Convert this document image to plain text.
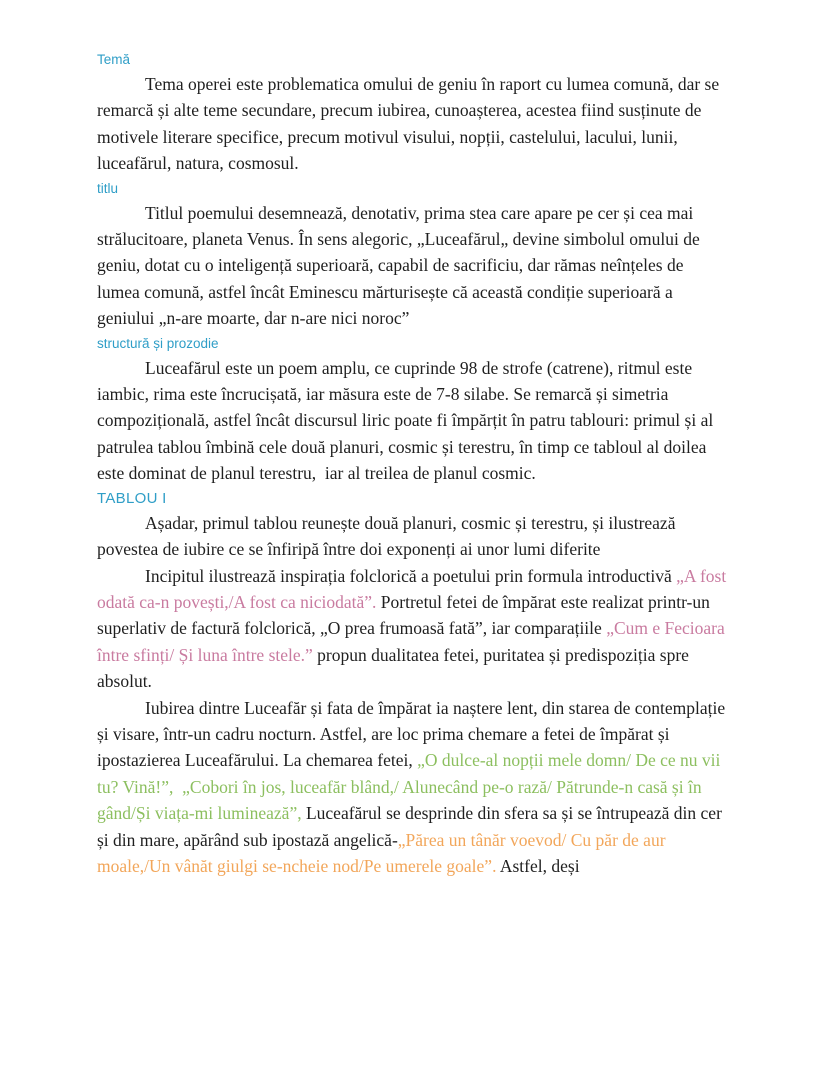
Temă

Tema operei este problematica omului de geniu în raport cu lumea comună, dar se remarcă și alte teme secundare, precum iubirea, cunoașterea, acestea fiind susținute de motivele literare specifice, precum motivul visului, nopții, castelului, lacului, lunii, luceafărul, natura, cosmosul.

titlu

Titlul poemului desemnează, denotativ, prima stea care apare pe cer și cea mai strălucitoare, planeta Venus. În sens alegoric, „Luceafărul„ devine simbolul omului de geniu, dotat cu o inteligență superioară, capabil de sacrificiu, dar rămas neînțeles de lumea comună, astfel încât Eminescu mărturisește că această condiție superioară a geniului „n-are moarte, dar n-are nici noroc”

structură și prozodie

Luceafărul este un poem amplu, ce cuprinde 98 de strofe (catrene), ritmul este iambic, rima este încrucișată, iar măsura este de 7-8 silabe. Se remarcă și simetria compozițională, astfel încât discursul liric poate fi împărțit în patru tablouri: primul și al patrulea tablou îmbină cele două planuri, cosmic și terestru, în timp ce tabloul al doilea este dominat de planul terestru,  iar al treilea de planul cosmic.

TABLOU I

Așadar, primul tablou reunește două planuri, cosmic și terestru, și ilustrează povestea de iubire ce se înfiripă între doi exponenți ai unor lumi diferite

Incipitul ilustrează inspirația folclorică a poetului prin formula introductivă „A fost odată ca-n povești,/A fost ca niciodată”. Portretul fetei de împărat este realizat printr-un superlativ de factură folclorică, „O prea frumoasă fată”, iar comparațiile „Cum e Fecioara între sfinți/ Și luna între stele.” propun dualitatea fetei, puritatea și predispoziția spre absolut.

Iubirea dintre Luceafăr și fata de împărat ia naștere lent, din starea de contemplație și visare, într-un cadru nocturn. Astfel, are loc prima chemare a fetei de împărat și ipostazierea Luceafărului. La chemarea fetei, „O dulce-al nopții mele domn/ De ce nu vii tu? Vină!”, „Cobori în jos, luceafăr blând,/ Alunecând pe-o rază/ Pătrunde-n casă și în gând/Și viața-mi luminează”, Luceafărul se desprinde din sfera sa și se întrupează din cer și din mare, apărând sub ipostază angelică-„Părea un tânăr voevod/ Cu păr de aur moale,/Un vânăt giulgi se-ncheie nod/Pe umerele goale”. Astfel, deși
